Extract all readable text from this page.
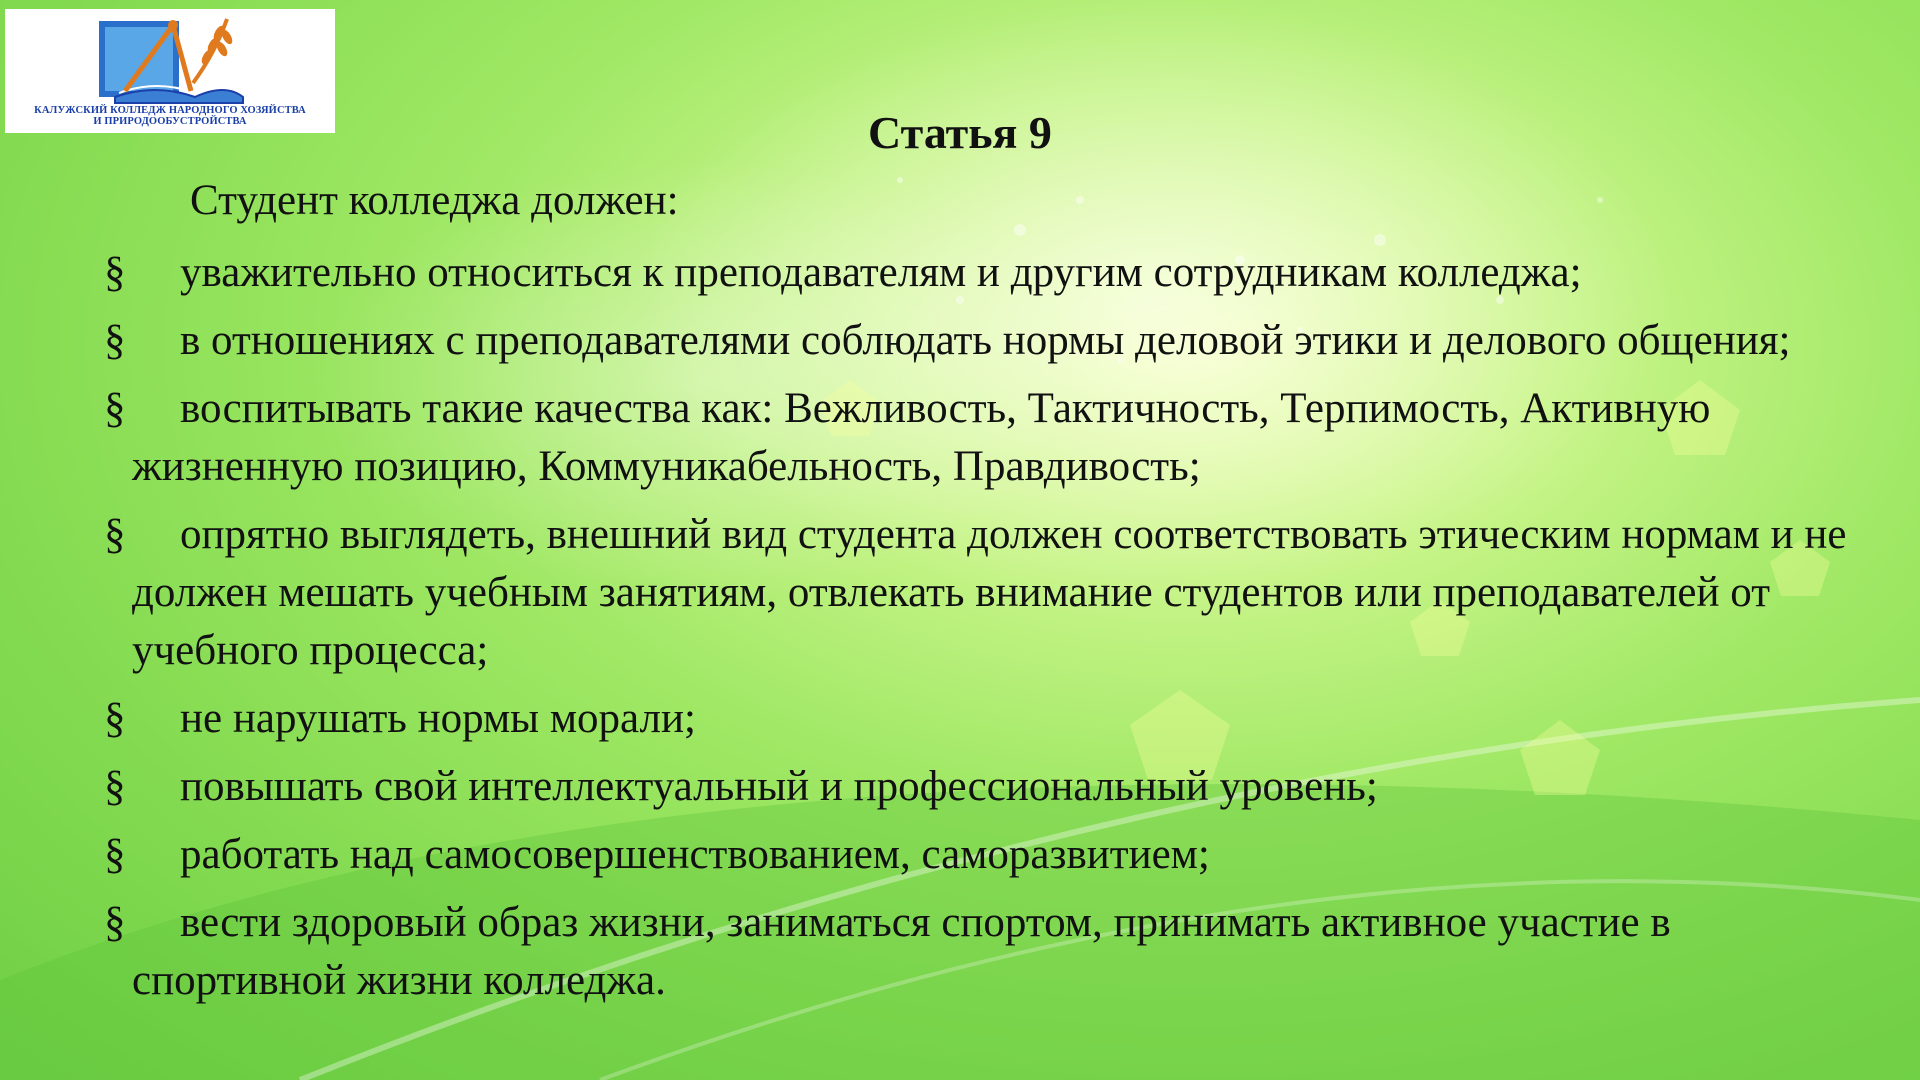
КАЛУЖСКИЙ КОЛЛЕДЖ НАРОДНОГО ХОЗЯЙСТВА
И ПРИРОДООБУСТРОЙСТВА	Статья 9
Студент колледжа должен:
§	уважительно относиться к преподавателям и другим сотрудникам колледжа;
§	в отношениях с преподавателями соблюдать нормы деловой этики и делового общения;
§	воспитывать такие качества как: Вежливость, Тактичность, Терпимость, Активную жизненную позицию, Коммуникабельность, Правдивость;
§	опрятно выглядеть, внешний вид студента должен соответствовать этическим нормам и не должен мешать учебным занятиям, отвлекать внимание студентов или преподавателей от учебного процесса;
§	не нарушать нормы морали;
§	повышать свой интеллектуальный и профессиональный уровень;
§	работать над самосовершенствованием, саморазвитием;
§	вести здоровый образ жизни, заниматься спортом, принимать активное участие в спортивной жизни колледжа.
